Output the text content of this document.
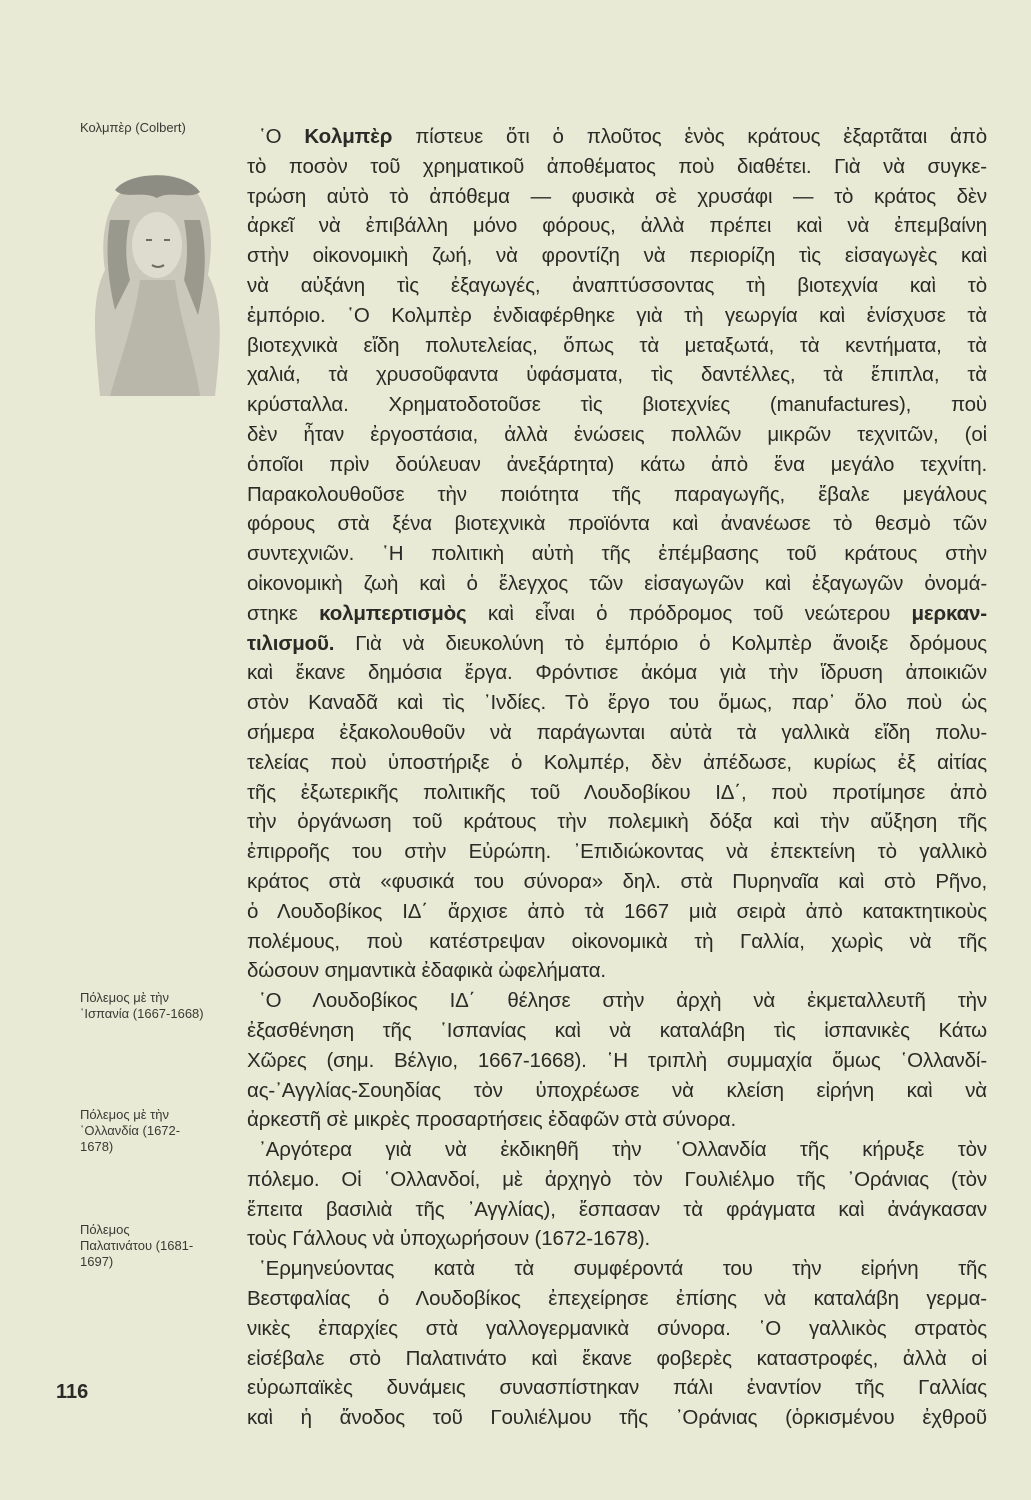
Κολμπὲρ (Colbert)
Πόλεμος μὲ τὴν
῾Ισπανία (1667-1668)
Πόλεμος μὲ τὴν
῾Ολλανδία (1672-
1678)
Πόλεμος
Παλατινάτου (1681-
1697)
116
῾Ο Κολμπὲρ πίστευε ὅτι ὁ πλοῦτος ἑνὸς κράτους ἐξαρτᾶται ἀπὸ
τὸ ποσὸν τοῦ χρηματικοῦ ἀποθέματος ποὺ διαθέτει. Γιὰ νὰ συγκε-
τρώση αὐτὸ τὸ ἀπόθεμα — φυσικὰ σὲ χρυσάφι — τὸ κράτος δὲν
ἀρκεῖ νὰ ἐπιβάλλη μόνο φόρους, ἀλλὰ πρέπει καὶ νὰ ἐπεμβαίνη
στὴν οἰκονομικὴ ζωή, νὰ φροντίζη νὰ περιορίζη τὶς εἰσαγωγὲς καὶ
νὰ αὐξάνη τὶς ἐξαγωγές, ἀναπτύσσοντας τὴ βιοτεχνία καὶ τὸ
ἐμπόριο. ῾Ο Κολμπὲρ ἐνδιαφέρθηκε γιὰ τὴ γεωργία καὶ ἐνίσχυσε τὰ
βιοτεχνικὰ εἴδη πολυτελείας, ὅπως τὰ μεταξωτά, τὰ κεντήματα, τὰ
χαλιά, τὰ χρυσοῦφαντα ὑφάσματα, τὶς δαντέλλες, τὰ ἔπιπλα, τὰ
κρύσταλλα. Χρηματοδοτοῦσε τὶς βιοτεχνίες (manufactures), ποὺ
δὲν ἦταν ἐργοστάσια, ἀλλὰ ἑνώσεις πολλῶν μικρῶν τεχνιτῶν, (οἱ
ὁποῖοι πρὶν δούλευαν ἀνεξάρτητα) κάτω ἀπὸ ἕνα μεγάλο τεχνίτη.
Παρακολουθοῦσε τὴν ποιότητα τῆς παραγωγῆς, ἔβαλε μεγάλους
φόρους στὰ ξένα βιοτεχνικὰ προϊόντα καὶ ἀνανέωσε τὸ θεσμὸ τῶν
συντεχνιῶν. ῾Η πολιτικὴ αὐτὴ τῆς ἐπέμβασης τοῦ κράτους στὴν
οἰκονομικὴ ζωὴ καὶ ὁ ἔλεγχος τῶν εἰσαγωγῶν καὶ ἐξαγωγῶν ὀνομά-
στηκε κολμπερτισμὸς καὶ εἶναι ὁ πρόδρομος τοῦ νεώτερου μερκαν-
τιλισμοῦ. Γιὰ νὰ διευκολύνη τὸ ἐμπόριο ὁ Κολμπὲρ ἄνοιξε δρόμους
καὶ ἔκανε δημόσια ἔργα. Φρόντισε ἀκόμα γιὰ τὴν ἵδρυση ἀποικιῶν
στὸν Καναδᾶ καὶ τὶς ᾿Ινδίες. Τὸ ἔργο του ὅμως, παρ᾿ ὅλο ποὺ ὡς
σήμερα ἐξακολουθοῦν νὰ παράγωνται αὐτὰ τὰ γαλλικὰ εἴδη πολυ-
τελείας ποὺ ὑποστήριξε ὁ Κολμπέρ, δὲν ἀπέδωσε, κυρίως ἐξ αἰτίας
τῆς ἐξωτερικῆς πολιτικῆς τοῦ Λουδοβίκου ΙΔ΄, ποὺ προτίμησε ἀπὸ
τὴν ὀργάνωση τοῦ κράτους τὴν πολεμικὴ δόξα καὶ τὴν αὔξηση τῆς
ἐπιρροῆς του στὴν Εὐρώπη. ᾿Επιδιώκοντας νὰ ἐπεκτείνη τὸ γαλλικὸ
κράτος στὰ «φυσικά του σύνορα» δηλ. στὰ Πυρηναῖα καὶ στὸ Ρῆνο,
ὁ Λουδοβίκος ΙΔ΄ ἄρχισε ἀπὸ τὰ 1667 μιὰ σειρὰ ἀπὸ κατακτητικοὺς
πολέμους, ποὺ κατέστρεψαν οἰκονομικὰ τὴ Γαλλία, χωρὶς νὰ τῆς
δώσουν σημαντικὰ ἐδαφικὰ ὠφελήματα.
῾Ο Λουδοβίκος ΙΔ΄ θέλησε στὴν ἀρχὴ νὰ ἐκμεταλλευτῆ τὴν
ἐξασθένηση τῆς ῾Ισπανίας καὶ νὰ καταλάβη τὶς ἱσπανικὲς Κάτω
Χῶρες (σημ. Βέλγιο, 1667-1668). ῾Η τριπλὴ συμμαχία ὅμως ῾Ολλανδί-
ας-᾿Αγγλίας-Σουηδίας τὸν ὑποχρέωσε νὰ κλείση εἰρήνη καὶ νὰ
ἀρκεστῆ σὲ μικρὲς προσαρτήσεις ἐδαφῶν στὰ σύνορα.
᾿Αργότερα γιὰ νὰ ἐκδικηθῆ τὴν ῾Ολλανδία τῆς κήρυξε τὸν
πόλεμο. Οἱ ῾Ολλανδοί, μὲ ἀρχηγὸ τὸν Γουλιέλμο τῆς ᾿Οράνιας (τὸν
ἔπειτα βασιλιὰ τῆς ᾿Αγγλίας), ἔσπασαν τὰ φράγματα καὶ ἀνάγκασαν
τοὺς Γάλλους νὰ ὑποχωρήσουν (1672-1678).
῾Ερμηνεύοντας κατὰ τὰ συμφέροντά του τὴν εἰρήνη τῆς
Βεστφαλίας ὁ Λουδοβίκος ἐπεχείρησε ἐπίσης νὰ καταλάβη γερμα-
νικὲς ἐπαρχίες στὰ γαλλογερμανικὰ σύνορα. ῾Ο γαλλικὸς στρατὸς
εἰσέβαλε στὸ Παλατινάτο καὶ ἔκανε φοβερὲς καταστροφές, ἀλλὰ οἱ
εὐρωπαϊκὲς δυνάμεις συνασπίστηκαν πάλι ἐναντίον τῆς Γαλλίας
καὶ ἡ ἄνοδος τοῦ Γουλιέλμου τῆς ᾿Οράνιας (ὁρκισμένου ἐχθροῦ
